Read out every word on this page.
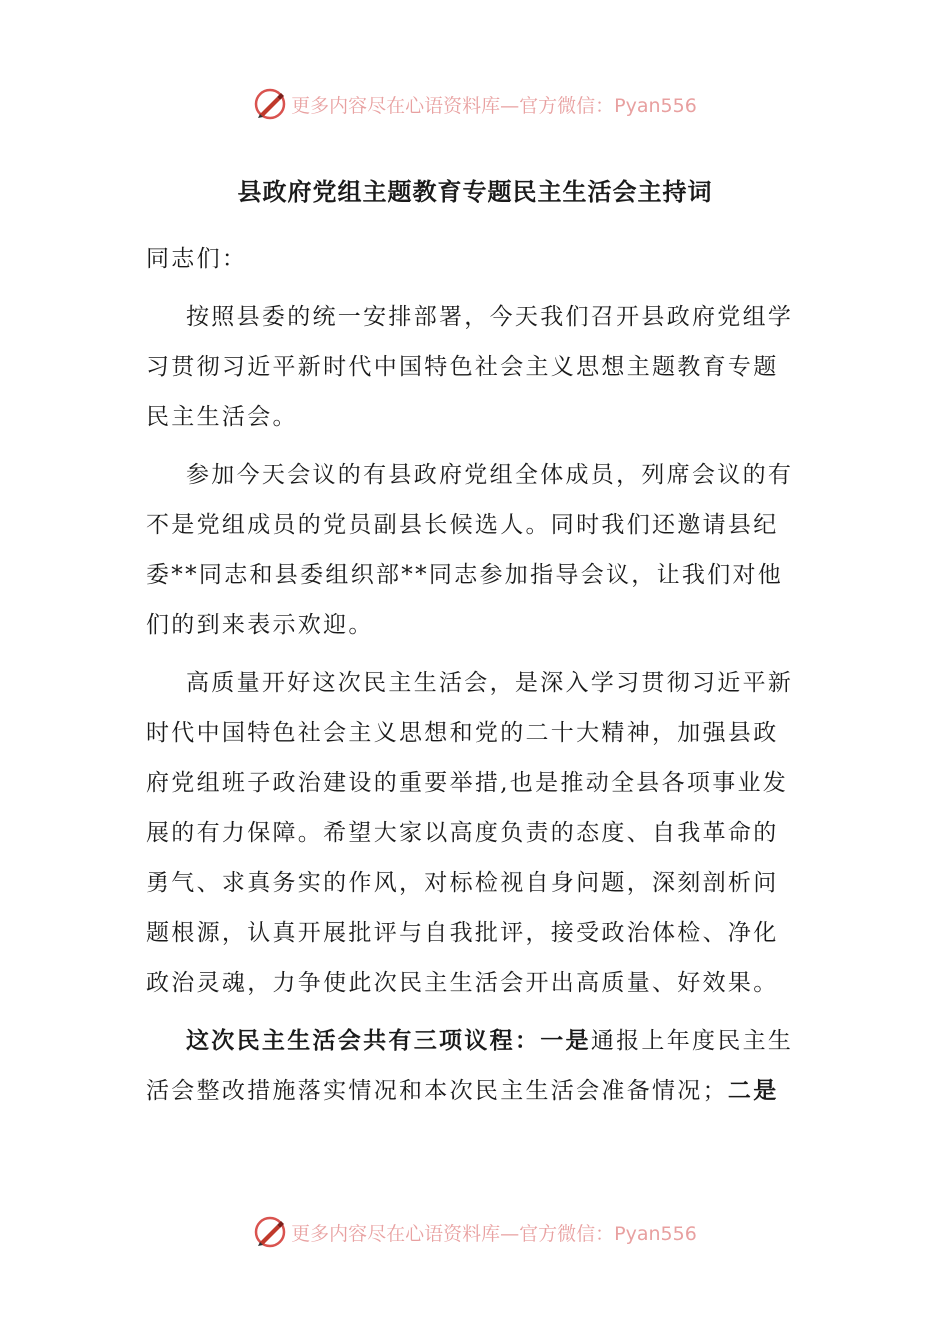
更多内容尽在心语资料库— 官方微信：Pyan556
县政府党组主题教育专题民主生活会主持词
同志们：
按照县委的统一安排部署，今天我们召开县政府党组学
习贯彻习近平新时代中国特色社会主义思想主题教育专题
民主生活会。
参加今天会议的有县政府党组全体成员，列席会议的有
不是党组成员的党员副县长候选人。同时我们还邀请县纪
委**同志和县委组织部**同志参加指导会议，让我们对他
们的到来表示欢迎。
高质量开好这次民主生活会，是深入学习贯彻习近平新
时代中国特色社会主义思想和党的二十大精神，加强县政
府党组班子政治建设的重要举措,也是推动全县各项事业发
展的有力保障。希望大家以高度负责的态度、自我革命的
勇气、求真务实的作风，对标检视自身问题，深刻剖析问
题根源，认真开展批评与自我批评，接受政治体检、净化
政治灵魂，力争使此次民主生活会开出高质量、好效果。
这次民主生活会共有三项议程：一是通报上年度民主生
活会整改措施落实情况和本次民主生活会准备情况；二是
更多内容尽在心语资料库— 官方微信：Pyan556
